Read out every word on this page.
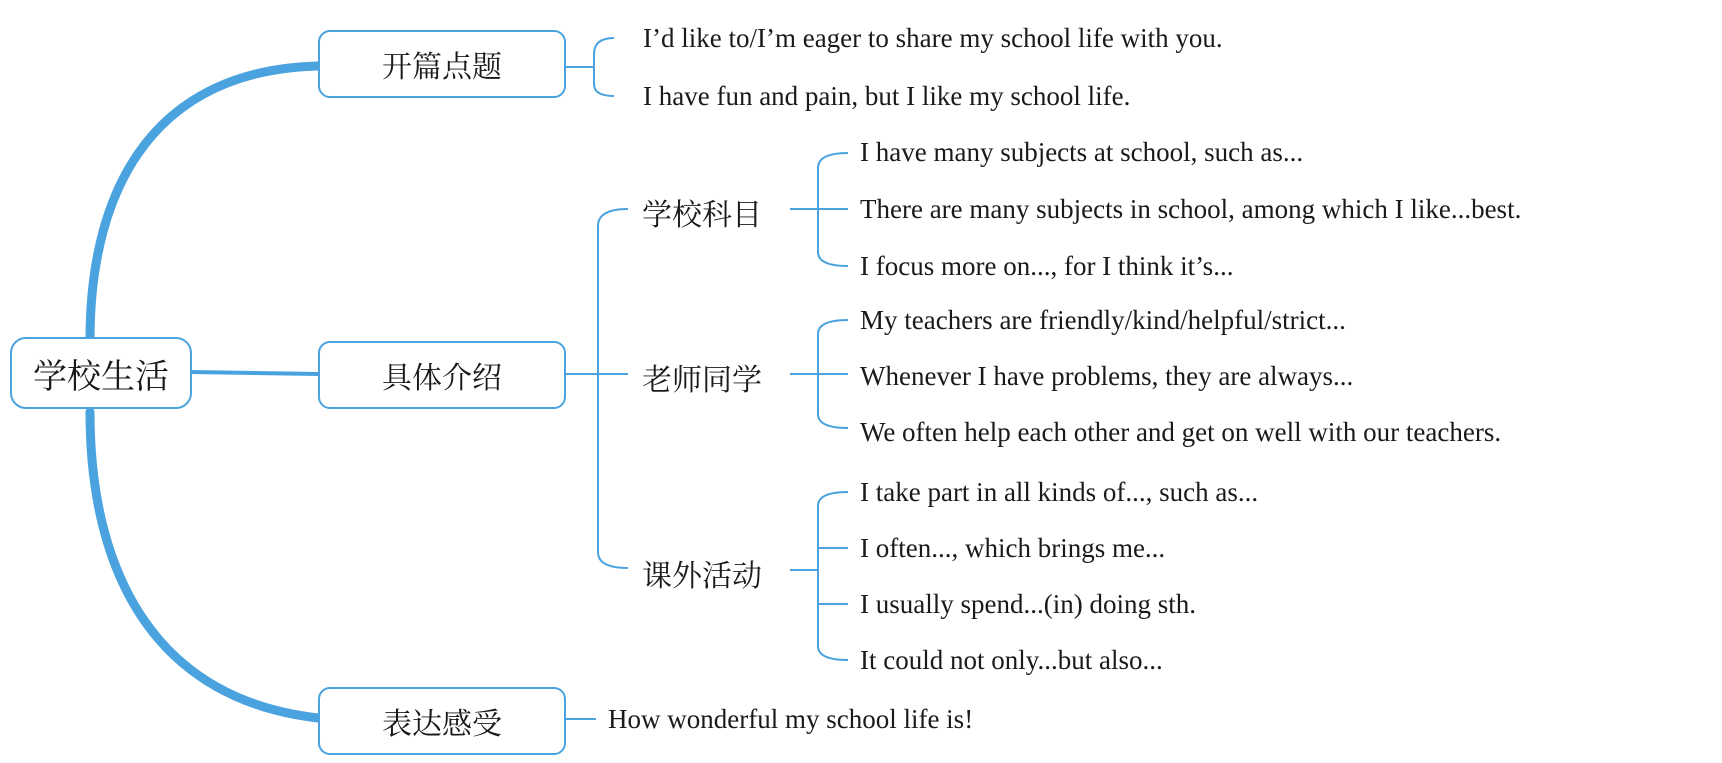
学校生活
开篇点题
具体介绍
表达感受
I’d like to/I’m eager to share my school life with you.
I have fun and pain, but I like my school life.
学校科目
老师同学
课外活动
I have many subjects at school, such as...
There are many subjects in school, among which I like...best.
I focus more on..., for I think it’s...
My teachers are friendly/kind/helpful/strict...
Whenever I have problems, they are always...
We often help each other and get on well with our teachers.
I take part in all kinds of..., such as...
I often..., which brings me...
I usually spend...(in) doing sth.
It could not only...but also...
How wonderful my school life is!
